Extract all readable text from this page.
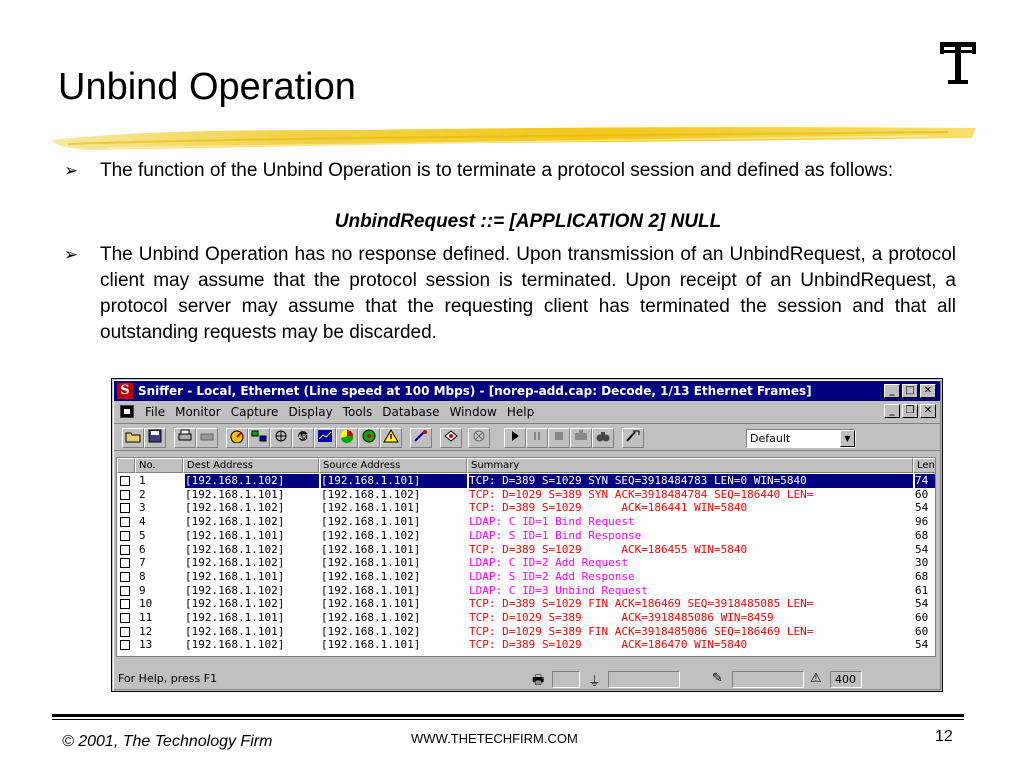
Unbind Operation
➢ The function of the Unbind Operation is to terminate a protocol session and defined as follows:
UnbindRequest ::= [APPLICATION 2] NULL
➢ The Unbind Operation has no response defined. Upon transmission of an UnbindRequest, a protocol client may assume that the protocol session is terminated. Upon receipt of an UnbindRequest, a protocol server may assume that the requesting client has terminated the session and that all outstanding requests may be discarded.
S Sniffer - Local, Ethernet (Line speed at 100 Mbps) - [norep-add.cap: Decode, 1/13 Ethernet Frames]	_	□ ✕
File Monitor Capture Display Tools Database Window Help	_	❐ ✕
ART	Default	▼
No.	Dest Address	Source Address	Summary	Len
1	[192.168.1.102]	[192.168.1.101]	TCP: D=389 S=1029 SYN SEQ=3918484783 LEN=0 WIN=5840	74
2	[192.168.1.101]	[192.168.1.102]	TCP: D=1029 S=389 SYN ACK=3918484784 SEQ=186440 LEN=	60
3	[192.168.1.102]	[192.168.1.101]	TCP: D=389 S=1029      ACK=186441 WIN=5840	54
4	[192.168.1.102]	[192.168.1.101]	LDAP: C ID=1 Bind Request	96
5	[192.168.1.101]	[192.168.1.102]	LDAP: S ID=1 Bind Response	68
6	[192.168.1.102]	[192.168.1.101]	TCP: D=389 S=1029      ACK=186455 WIN=5840	54
7	[192.168.1.102]	[192.168.1.101]	LDAP: C ID=2 Add Request	30
8	[192.168.1.101]	[192.168.1.102]	LDAP: S ID=2 Add Response	68
9	[192.168.1.102]	[192.168.1.101]	LDAP: C ID=3 Unbind Request	61
10	[192.168.1.102]	[192.168.1.101]	TCP: D=389 S=1029 FIN ACK=186469 SEQ=3918485085 LEN=	54
11	[192.168.1.101]	[192.168.1.102]	TCP: D=1029 S=389      ACK=3918485086 WIN=8459	60
12	[192.168.1.101]	[192.168.1.102]	TCP: D=1029 S=389 FIN ACK=3918485086 SEQ=186469 LEN=	60
13	[192.168.1.102]	[192.168.1.101]	TCP: D=389 S=1029      ACK=186470 WIN=5840	54
For Help, press F1	🖶	⏚	✎	⚠	400
© 2001, The Technology Firm	WWW.THETECHFIRM.COM	12
